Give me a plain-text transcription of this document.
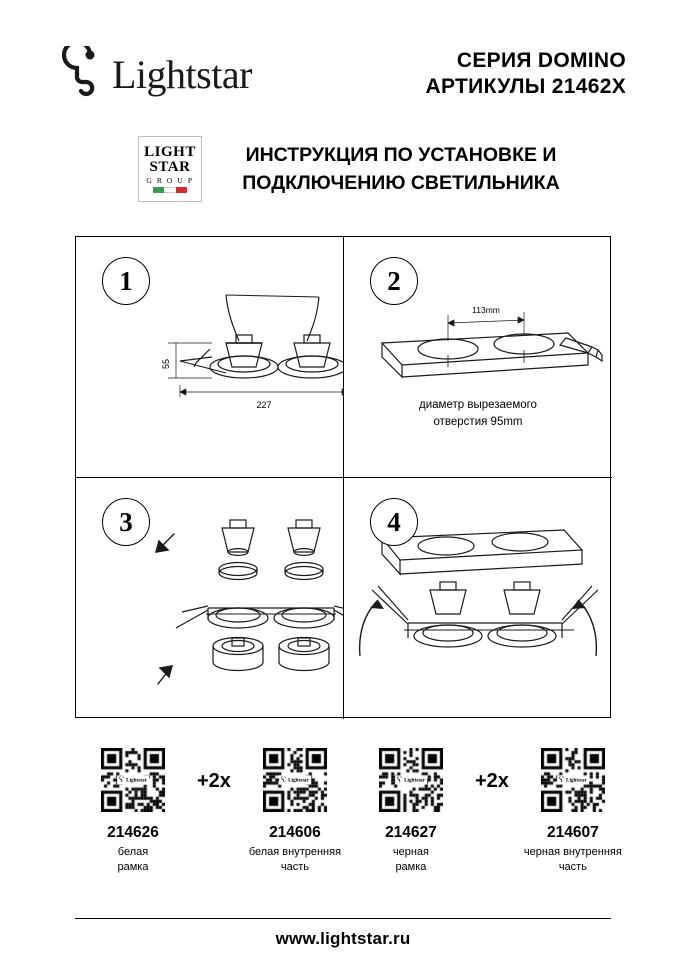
Lightstar	СЕРИЯ DOMINO
АРТИКУЛЫ 21462X
LIGHT
STAR
G R O U P
ИНСТРУКЦИЯ ПО УСТАНОВКЕ И
ПОДКЛЮЧЕНИЮ СВЕТИЛЬНИКА
1
227
55
2
113mm
диаметр вырезаемого
отверстия 95mm
3	4
Lightstar
214626
белая
рамка
+2x	Lightstar
214606
белая внутренняя
часть
Lightstar
214627
черная
рамка
+2x	Lightstar
214607
черная внутренняя
часть
www.lightstar.ru
